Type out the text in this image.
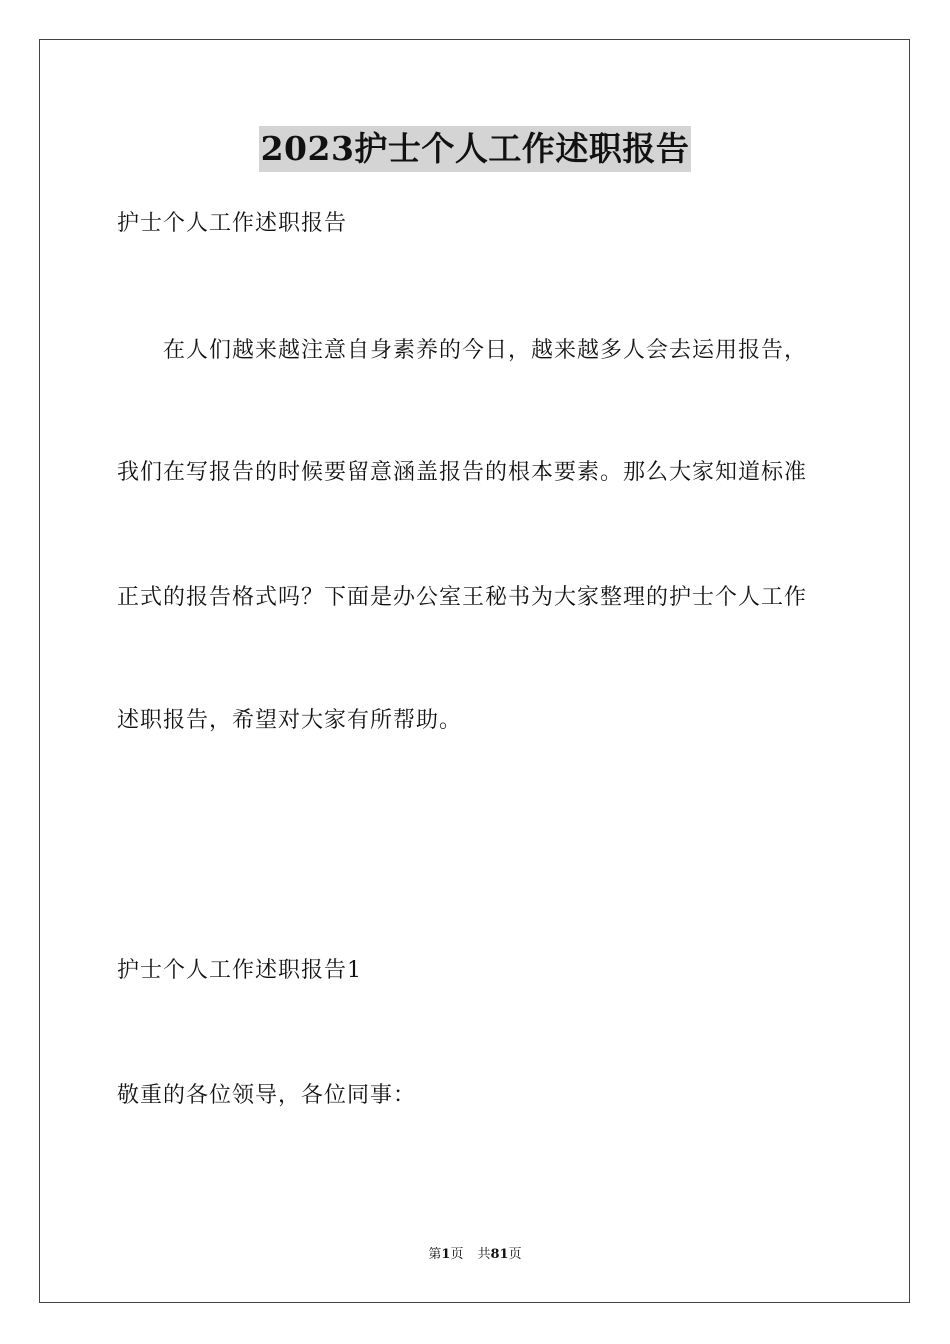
2023护士个人工作述职报告
护士个人工作述职报告
在人们越来越注意自身素养的今日，越来越多人会去运用报告，
我们在写报告的时候要留意涵盖报告的根本要素。那么大家知道标准
正式的报告格式吗？下面是办公室王秘书为大家整理的护士个人工作
述职报告，希望对大家有所帮助。
护士个人工作述职报告1
敬重的各位领导，各位同事：
第1页 共81页
